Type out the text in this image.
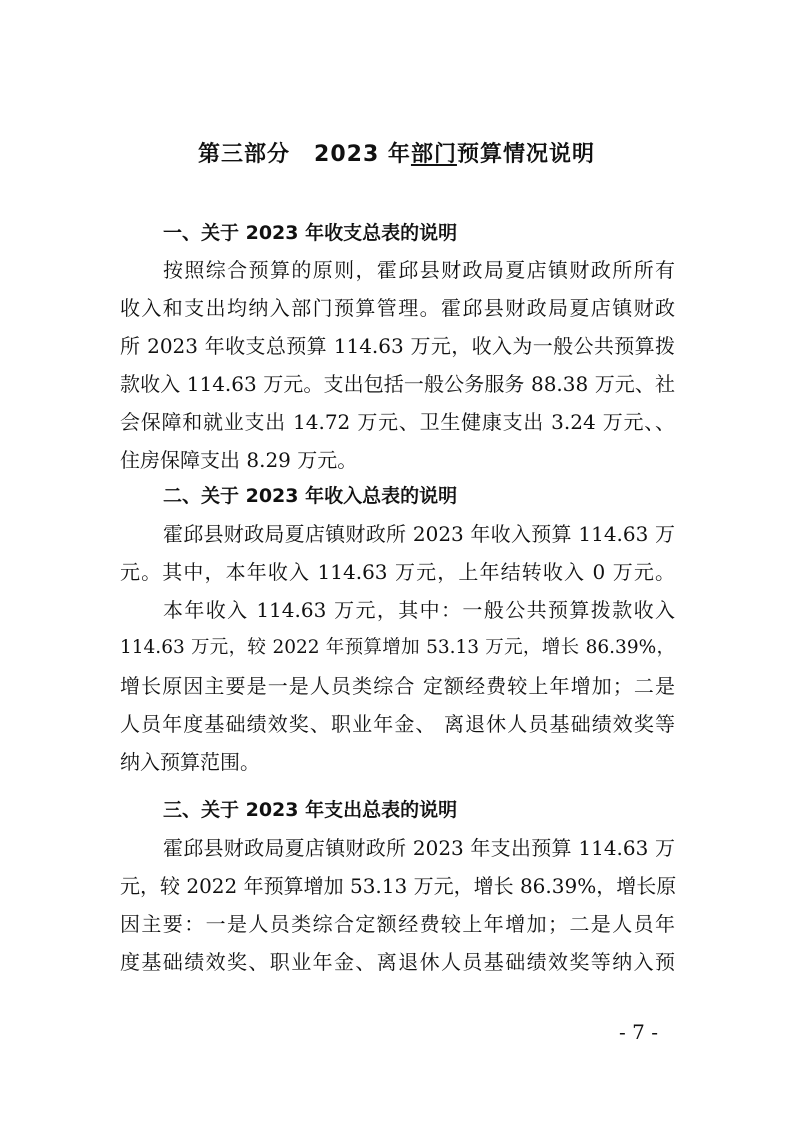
第三部分 2023 年部门预算情况说明
一、关于 2023 年收支总表的说明
按照综合预算的原则，霍邱县财政局夏店镇财政所所有
收入和支出均纳入部门预算管理。霍邱县财政局夏店镇财政
所 2023 年收支总预算 114.63 万元，收入为一般公共预算拨
款收入 114.63 万元。支出包括一般公务服务 88.38 万元、社
会保障和就业支出 14.72 万元、卫生健康支出 3.24 万元、、
住房保障支出 8.29 万元。
二、关于 2023 年收入总表的说明
霍邱县财政局夏店镇财政所 2023 年收入预算 114.63 万
元。其中，本年收入 114.63 万元，上年结转收入 0 万元。
本年收入 114.63 万元，其中：一般公共预算拨款收入
114.63 万元，较 2022 年预算增加 53.13 万元，增长 86.39%，
增长原因主要是一是人员类综合 定额经费较上年增加；二是
人员年度基础绩效奖、职业年金、 离退休人员基础绩效奖等
纳入预算范围。
三、关于 2023 年支出总表的说明
霍邱县财政局夏店镇财政所 2023 年支出预算 114.63 万
元，较 2022 年预算增加 53.13 万元，增长 86.39%，增长原
因主要：一是人员类综合定额经费较上年增加；二是人员年
度基础绩效奖、职业年金、离退休人员基础绩效奖等纳入预
- 7 -
